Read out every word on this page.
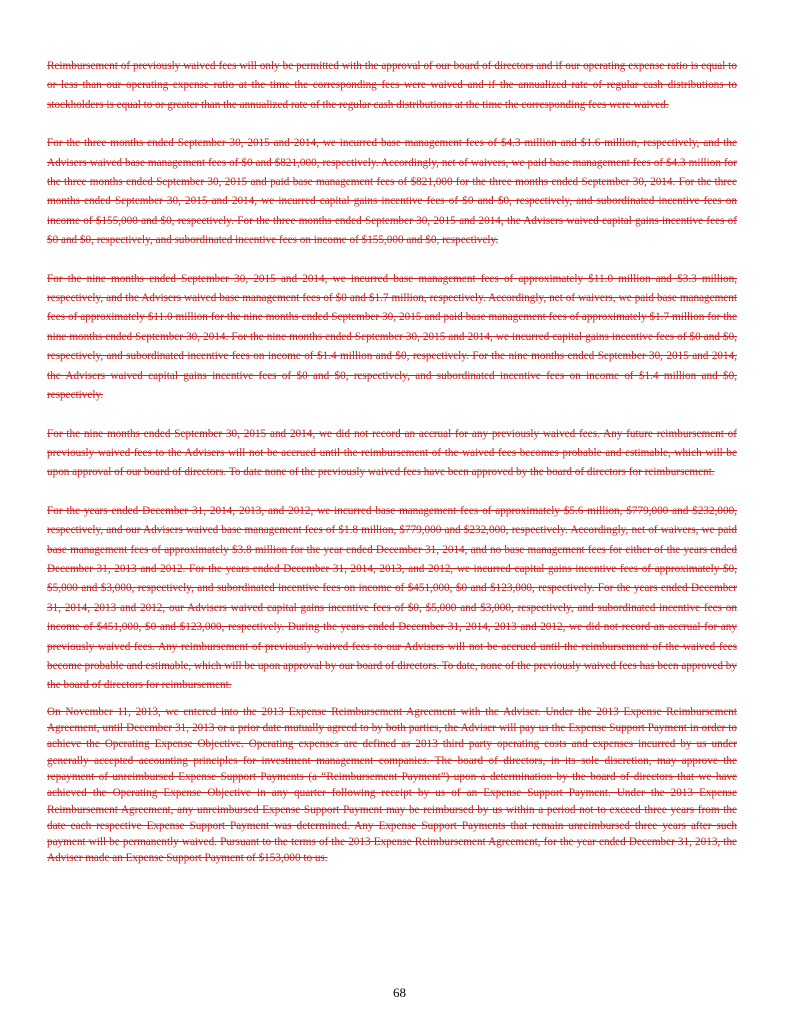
Reimbursement of previously waived fees will only be permitted with the approval of our board of directors and if our operating expense ratio is equal to or less than our operating expense ratio at the time the corresponding fees were waived and if the annualized rate of regular cash distributions to stockholders is equal to or greater than the annualized rate of the regular cash distributions at the time the corresponding fees were waived.

For the three months ended September 30, 2015 and 2014, we incurred base management fees of $4.3 million and $1.6 million, respectively, and the Advisers waived base management fees of $0 and $821,000, respectively. Accordingly, net of waivers, we paid base management fees of $4.3 million for the three months ended September 30, 2015 and paid base management fees of $821,000 for the three months ended September 30, 2014. For the three months ended September 30, 2015 and 2014, we incurred capital gains incentive fees of $0 and $0, respectively, and subordinated incentive fees on income of $155,000 and $0, respectively. For the three months ended September 30, 2015 and 2014, the Advisers waived capital gains incentive fees of $0 and $0, respectively, and subordinated incentive fees on income of $155,000 and $0, respectively.

For the nine months ended September 30, 2015 and 2014, we incurred base management fees of approximately $11.0 million and $3.3 million, respectively, and the Advisers waived base management fees of $0 and $1.7 million, respectively. Accordingly, net of waivers, we paid base management fees of approximately $11.0 million for the nine months ended September 30, 2015 and paid base management fees of approximately $1.7 million for the nine months ended September 30, 2014. For the nine months ended September 30, 2015 and 2014, we incurred capital gains incentive fees of $0 and $0, respectively, and subordinated incentive fees on income of $1.4 million and $0, respectively. For the nine months ended September 30, 2015 and 2014, the Advisers waived capital gains incentive fees of $0 and $0, respectively, and subordinated incentive fees on income of $1.4 million and $0, respectively.

For the nine months ended September 30, 2015 and 2014, we did not record an accrual for any previously waived fees. Any future reimbursement of previously waived fees to the Advisers will not be accrued until the reimbursement of the waived fees becomes probable and estimable, which will be upon approval of our board of directors. To date none of the previously waived fees have been approved by the board of directors for reimbursement.

For the years ended December 31, 2014, 2013, and 2012, we incurred base management fees of approximately $5.6 million, $779,000 and $232,000, respectively, and our Advisers waived base management fees of $1.8 million, $779,000 and $232,000, respectively. Accordingly, net of waivers, we paid base management fees of approximately $3.8 million for the year ended December 31, 2014, and no base management fees for either of the years ended December 31, 2013 and 2012. For the years ended December 31, 2014, 2013, and 2012, we incurred capital gains incentive fees of approximately $0, $5,000 and $3,000, respectively, and subordinated incentive fees on income of $451,000, $0 and $123,000, respectively. For the years ended December 31, 2014, 2013 and 2012, our Advisers waived capital gains incentive fees of $0, $5,000 and $3,000, respectively, and subordinated incentive fees on income of $451,000, $0 and $123,000, respectively. During the years ended December 31, 2014, 2013 and 2012, we did not record an accrual for any previously waived fees. Any reimbursement of previously waived fees to our Advisers will not be accrued until the reimbursement of the waived fees become probable and estimable, which will be upon approval by our board of directors. To date, none of the previously waived fees has been approved by the board of directors for reimbursement.

On November 11, 2013, we entered into the 2013 Expense Reimbursement Agreement with the Adviser. Under the 2013 Expense Reimbursement Agreement, until December 31, 2013 or a prior date mutually agreed to by both parties, the Adviser will pay us the Expense Support Payment in order to achieve the Operating Expense Objective. Operating expenses are defined as 2013 third party operating costs and expenses incurred by us under generally accepted accounting principles for investment management companies. The board of directors, in its sole discretion, may approve the repayment of unreimbursed Expense Support Payments (a “Reimbursement Payment”) upon a determination by the board of directors that we have achieved the Operating Expense Objective in any quarter following receipt by us of an Expense Support Payment. Under the 2013 Expense Reimbursement Agreement, any unreimbursed Expense Support Payment may be reimbursed by us within a period not to exceed three years from the date each respective Expense Support Payment was determined. Any Expense Support Payments that remain unreimbursed three years after such payment will be permanently waived. Pursuant to the terms of the 2013 Expense Reimbursement Agreement, for the year ended December 31, 2013, the Adviser made an Expense Support Payment of $153,000 to us.

68
